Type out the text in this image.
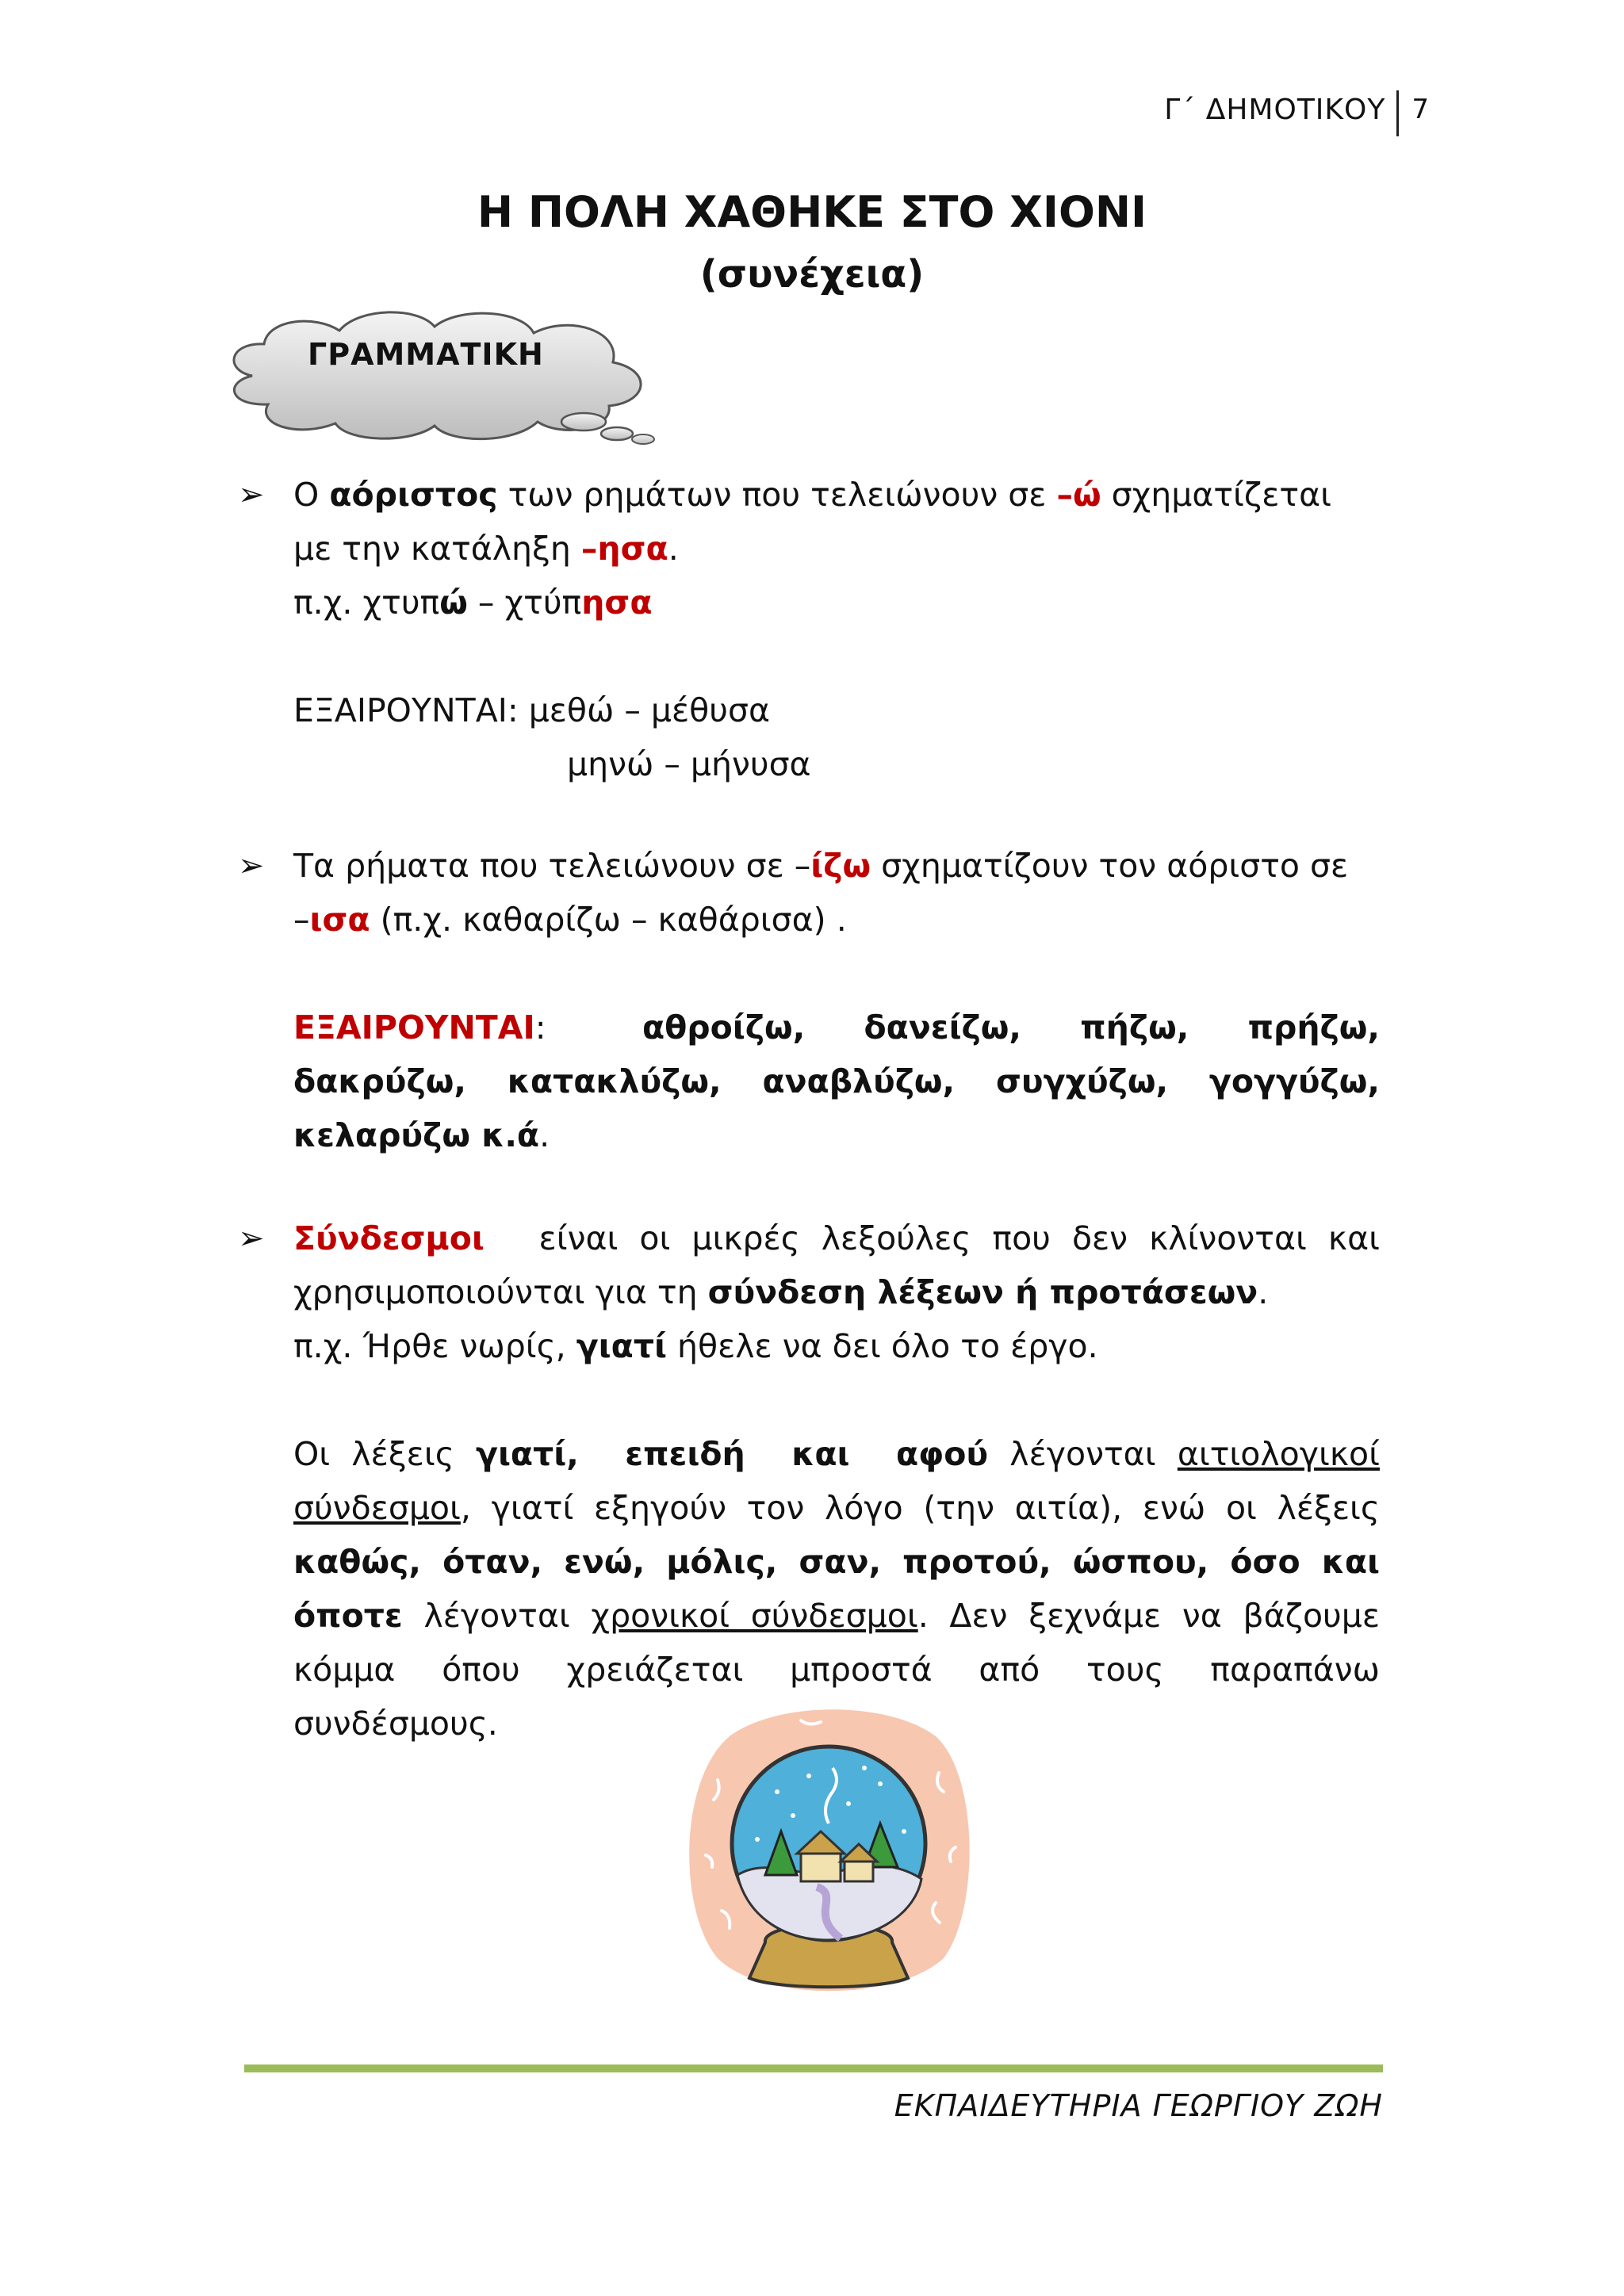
Γ΄ ΔΗΜΟΤΙΚΟΥ 7
Η ΠΟΛΗ ΧΑΘΗΚΕ ΣΤΟ ΧΙΟΝΙ
(συνέχεια)
ΓΡΑΜΜΑΤΙΚΗ
➢ Ο αόριστος των ρημάτων που τελειώνουν σε –ώ σχηματίζεται
με την κατάληξη –ησα.
π.χ. χτυπώ – χτύπησα
ΕΞΑΙΡΟΥΝΤΑΙ: μεθώ – μέθυσα
μηνώ – μήνυσα
➢ Τα ρήματα που τελειώνουν σε –ίζω σχηματίζουν τον αόριστο σε
–ισα (π.χ. καθαρίζω – καθάρισα) .
ΕΞΑΙΡΟΥΝΤΑΙ:	αθροίζω, δανείζω, πήζω, πρήζω,
δακρύζω, κατακλύζω, αναβλύζω, συγχύζω, γογγύζω,
κελαρύζω κ.ά.
➢ Σύνδεσμοι είναι οι μικρές λεξούλες που δεν κλίνονται και
χρησιμοποιούνται για τη σύνδεση λέξεων ή προτάσεων.
π.χ. Ήρθε νωρίς, γιατί ήθελε να δει όλο το έργο.
Οι λέξεις γιατί, επειδή και αφού λέγονται αιτιολογικοί
σύνδεσμοι, γιατί εξηγούν τον λόγο (την αιτία), ενώ οι λέξεις
καθώς, όταν, ενώ, μόλις, σαν, προτού, ώσπου, όσο και
όποτε λέγονται χρονικοί σύνδεσμοι. Δεν ξεχνάμε να βάζουμε
κόμμα όπου χρειάζεται μπροστά από τους παραπάνω
συνδέσμους.
ΕΚΠΑΙΔΕΥΤΗΡΙΑ ΓΕΩΡΓΙΟΥ ΖΩΗ
